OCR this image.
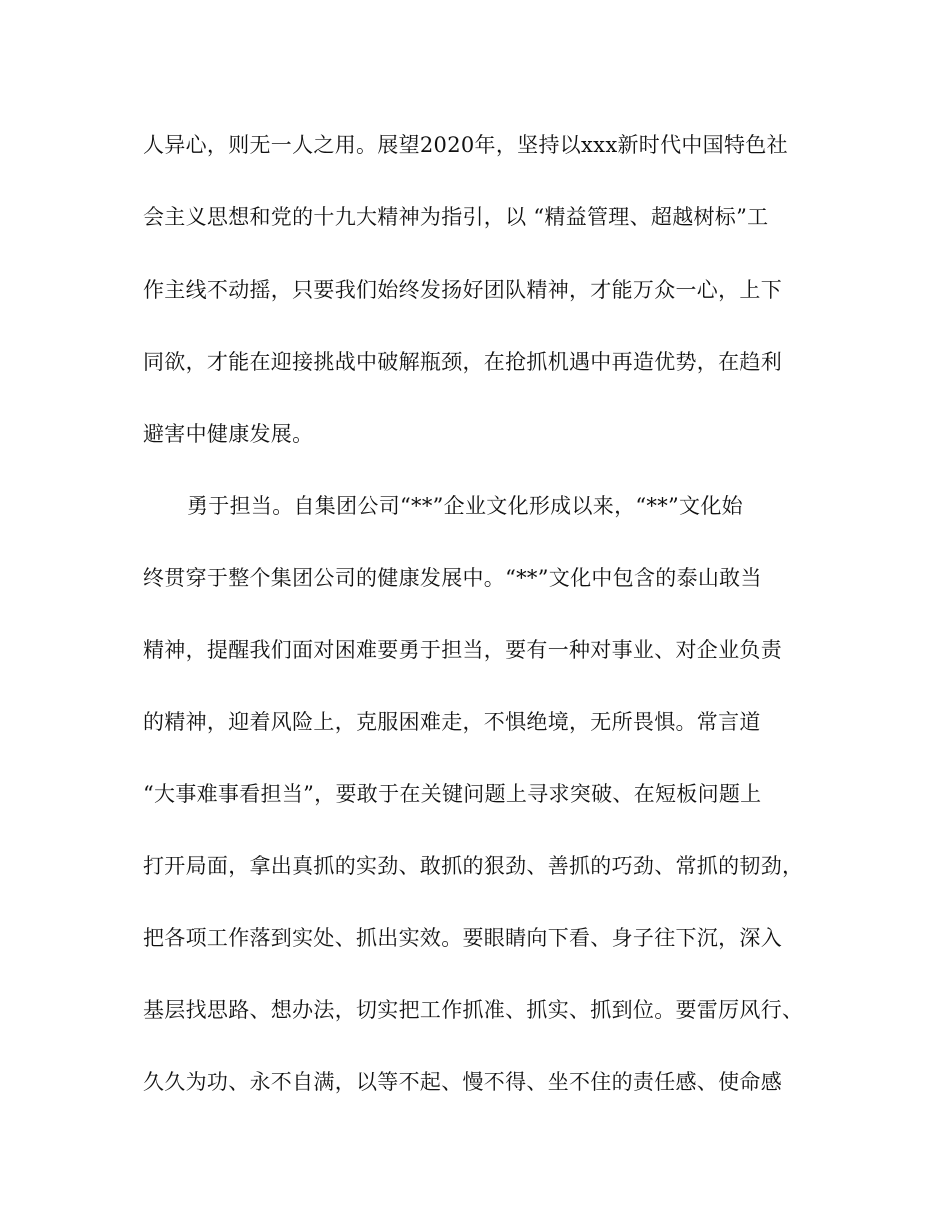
人异心，则无一人之用。展望2020年，坚持以xxx新时代中国特色社
会主义思想和党的十九大精神为指引，以 “精益管理、超越树标”工
作主线不动摇，只要我们始终发扬好团队精神，才能万众一心，上下
同欲，才能在迎接挑战中破解瓶颈，在抢抓机遇中再造优势，在趋利
避害中健康发展。
勇于担当。自集团公司“**”企业文化形成以来，“**”文化始
终贯穿于整个集团公司的健康发展中。“**”文化中包含的泰山敢当
精神，提醒我们面对困难要勇于担当，要有一种对事业、对企业负责
的精神，迎着风险上，克服困难走，不惧绝境，无所畏惧。常言道
“大事难事看担当”，要敢于在关键问题上寻求突破、在短板问题上
打开局面，拿出真抓的实劲、敢抓的狠劲、善抓的巧劲、常抓的韧劲，
把各项工作落到实处、抓出实效。要眼睛向下看、身子往下沉，深入
基层找思路、想办法，切实把工作抓准、抓实、抓到位。要雷厉风行、
久久为功、永不自满，以等不起、慢不得、坐不住的责任感、使命感
